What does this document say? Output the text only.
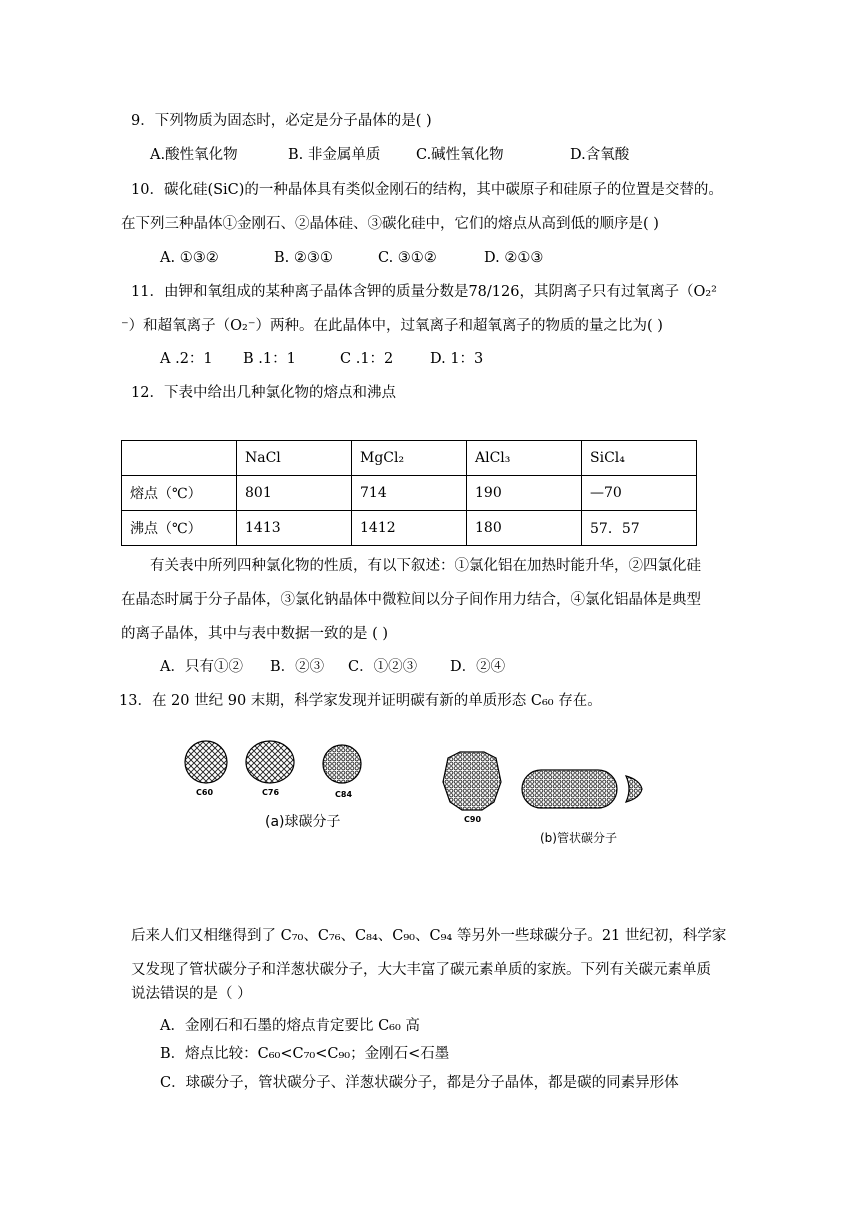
9．下列物质为固态时，必定是分子晶体的是( )
A.酸性氧化物	B. 非金属单质 C.碱性氧化物	D.含氧酸
10．碳化硅(SiC)的一种晶体具有类似金刚石的结构，其中碳原子和硅原子的位置是交替的。
在下列三种晶体①金刚石、②晶体硅、③碳化硅中，它们的熔点从高到低的顺序是( )
A. ①③②	B. ②③①	C. ③①②	D. ②①③
11．由钾和氧组成的某种离子晶体含钾的质量分数是78/126，其阴离子只有过氧离子（O₂²
⁻）和超氧离子（O₂⁻）两种。在此晶体中，过氧离子和超氧离子的物质的量之比为( )
A .2：1 B .1：1	C .1：2	D. 1：3
12．下表中给出几种氯化物的熔点和沸点
	NaCl	MgCl₂	AlCl₃	SiCl₄
熔点（℃）	801	714	190	—70
沸点（℃）	1413	1412	180	57．57
有关表中所列四种氯化物的性质，有以下叙述：①氯化铝在加热时能升华，②四氯化硅
在晶态时属于分子晶体，③氯化钠晶体中微粒间以分子间作用力结合，④氯化铝晶体是典型
的离子晶体，其中与表中数据一致的是 ( )
A．只有①② B．②③ C．①②③ D．②④
13．在 20 世纪 90 末期，科学家发现并证明碳有新的单质形态 C₆₀ 存在。
C60	C76	C84
C90
(a)球碳分子
(b)管状碳分子
后来人们又相继得到了 C₇₀、C₇₆、C₈₄、C₉₀、C₉₄ 等另外一些球碳分子。21 世纪初，科学家
又发现了管状碳分子和洋葱状碳分子，大大丰富了碳元素单质的家族。下列有关碳元素单质
说法错误的是（ ）
A．金刚石和石墨的熔点肯定要比 C₆₀ 高
B．熔点比较：C₆₀<C₇₀<C₉₀；金刚石<石墨
C．球碳分子，管状碳分子、洋葱状碳分子，都是分子晶体，都是碳的同素异形体
